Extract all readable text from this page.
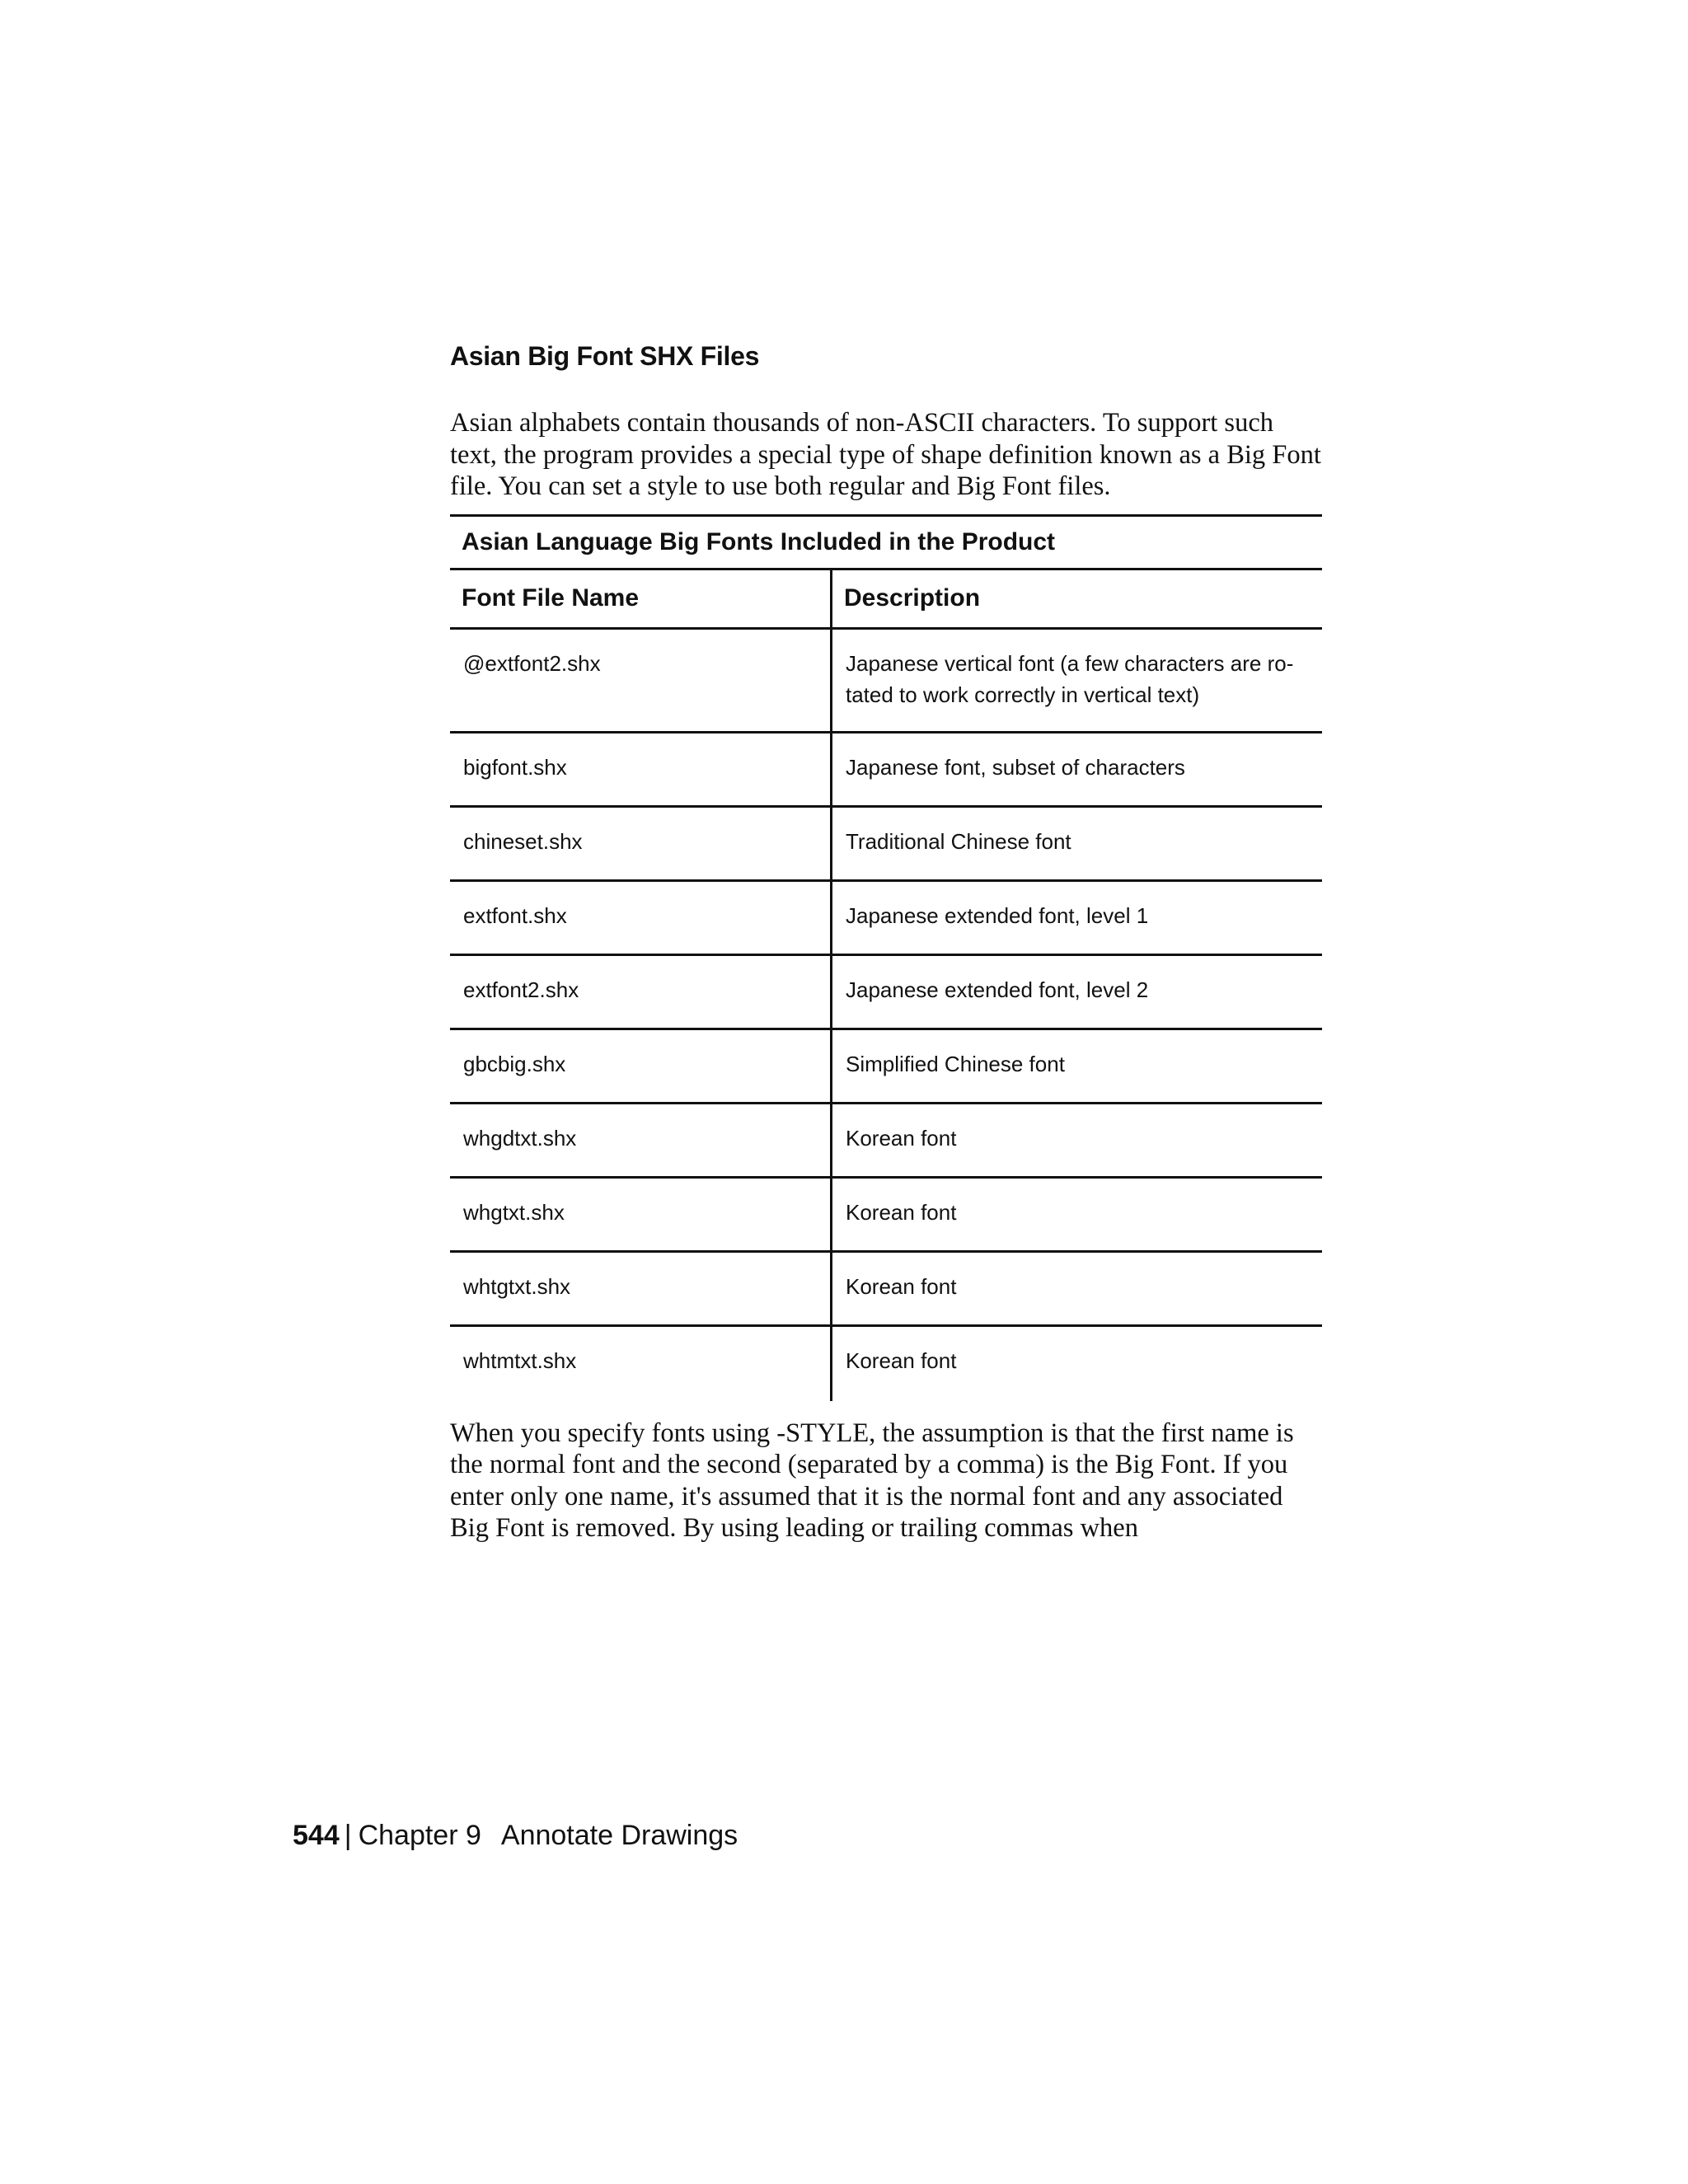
Asian Big Font SHX Files

Asian alphabets contain thousands of non-ASCII characters. To support such text, the program provides a special type of shape definition known as a Big Font file. You can set a style to use both regular and Big Font files.

Asian Language Big Fonts Included in the Product
Font File Name	Description
@extfont2.shx	Japanese vertical font (a few characters are ro-tated to work correctly in vertical text)
bigfont.shx	Japanese font, subset of characters
chineset.shx	Traditional Chinese font
extfont.shx	Japanese extended font, level 1
extfont2.shx	Japanese extended font, level 2
gbcbig.shx	Simplified Chinese font
whgdtxt.shx	Korean font
whgtxt.shx	Korean font
whtgtxt.shx	Korean font
whtmtxt.shx	Korean font

When you specify fonts using -STYLE, the assumption is that the first name is the normal font and the second (separated by a comma) is the Big Font. If you enter only one name, it's assumed that it is the normal font and any associated Big Font is removed. By using leading or trailing commas when

544 | Chapter 9 Annotate Drawings
